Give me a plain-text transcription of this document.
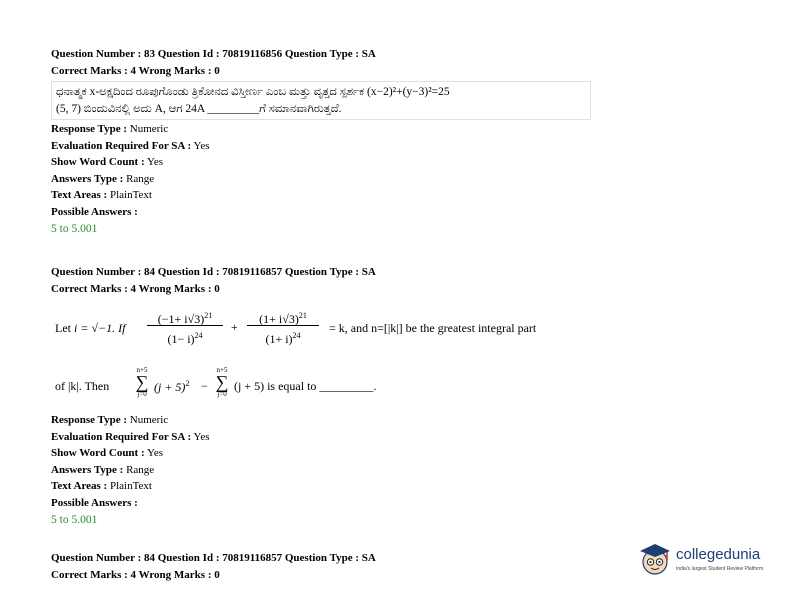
Question Number : 83 Question Id : 70819116856 Question Type : SA
Correct Marks : 4 Wrong Marks : 0
ಧನಾತ್ಮಕ x-ಅಕ್ಷದಿಂದ ರೂಪುಗೊಂಡು ತ್ರಿಕೋನದ ವಿಸ್ತೀರ್ಣ ಎಂಬ ಮತ್ತು ವೃತ್ತದ ಸ್ಪರ್ಶಕ (x−2)²+(y−3)²=25
(5, 7) ಬಿಂದುವಿನಲ್ಲಿ ಅದು A, ಆಗ 24A _________ಗೆ ಸಮಾನವಾಗಿರುತ್ತದೆ.
Response Type : Numeric
Evaluation Required For SA : Yes
Show Word Count : Yes
Answers Type : Range
Text Areas : PlainText
Possible Answers :
5 to 5.001
Question Number : 84 Question Id : 70819116857 Question Type : SA
Correct Marks : 4 Wrong Marks : 0
Let i = √−1. If $\frac{(-1+ i√3)^{21}}{(1- i)^{24}} + \frac{(1+ i√3)^{21}}{(1+ i)^{24}} = k$, and n=[|k|] be the greatest integral part
of |k|. Then
n+5
∑
j=0 $(j + 5)^2$ −
n+5
∑
j=0
(j + 5) is equal to _________.
Response Type : Numeric
Evaluation Required For SA : Yes
Show Word Count : Yes
Answers Type : Range
Text Areas : PlainText
Possible Answers :
5 to 5.001
Question Number : 84 Question Id : 70819116857 Question Type : SA
Correct Marks : 4 Wrong Marks : 0
collegedunia
India's largest Student Review Platform
